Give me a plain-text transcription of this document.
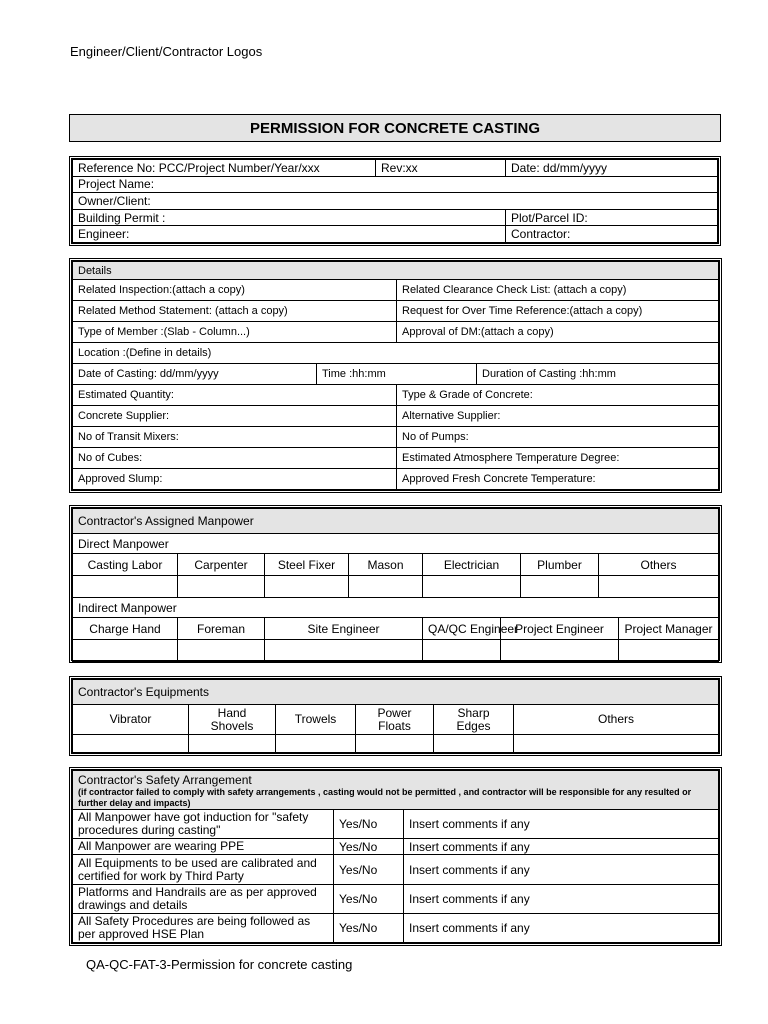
Engineer/Client/Contractor Logos
PERMISSION FOR CONCRETE CASTING
Reference No: PCC/Project Number/Year/xxx	Rev:xx	Date: dd/mm/yyyy
Project Name:		
Owner/Client:		
Building Permit :		Plot/Parcel ID:
Engineer:		Contractor:
Details			
Related Inspection:(attach a copy)		Related Clearance Check List: (attach a copy)	
Related Method Statement: (attach a copy)		Request for Over Time Reference:(attach a copy)	
Type of Member :(Slab - Column...)		Approval of DM:(attach a copy)	
Location :(Define in details)			
Date of Casting: dd/mm/yyyy	Time :hh:mm		Duration of Casting :hh:mm
Estimated Quantity:		Type & Grade of Concrete:	
Concrete Supplier:		Alternative Supplier:	
No of Transit Mixers:		No of Pumps:	
No of Cubes:		Estimated Atmosphere Temperature Degree:	
Approved Slump:		Approved Fresh Concrete Temperature:	
Contractor's Assigned Manpower								
Direct Manpower								
Casting Labor	Carpenter	Steel Fixer	Mason	Electrician		Plumber	Others	

Indirect Manpower								
Charge Hand	Foreman	Site Engineer		QA/QC Engineer	Project Engineer			Project Manager

Contractor's Equipments					
Vibrator	Hand Shovels	Trowels	Power Floats	Sharp Edges	Others

Contractor's Safety Arrangement
(if contractor failed to comply with safety arrangements , casting would not be permitted , and contractor will be responsible for any resulted or further delay and impacts)		

All Manpower have got induction for "safety procedures during casting"	Yes/No	Insert comments if any
All Manpower are wearing PPE	Yes/No	Insert comments if any
All Equipments to be used are calibrated and certified for work by Third Party	Yes/No	Insert comments if any
Platforms and Handrails are as per approved drawings and details	Yes/No	Insert comments if any
All Safety Procedures are being followed as per approved HSE Plan	Yes/No	Insert comments if any
QA-QC-FAT-3-Permission for concrete casting
